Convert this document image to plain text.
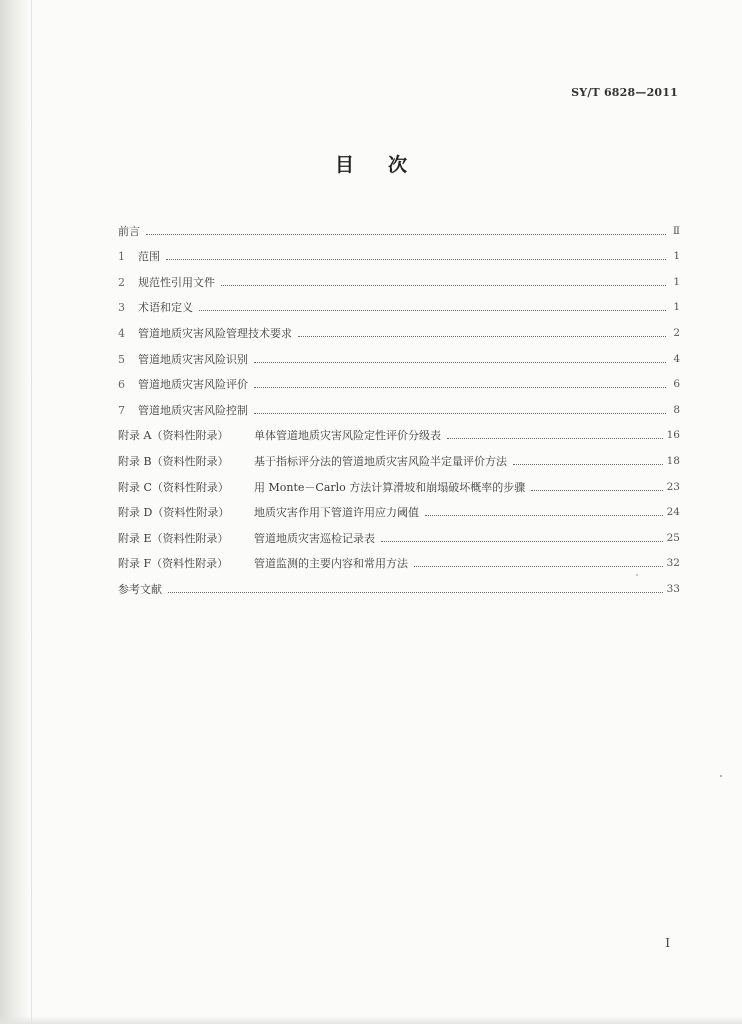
SY/T 6828—2011
目 次
前言	Ⅱ
1 范围	1
2 规范性引用文件	1
3 术语和定义	1
4 管道地质灾害风险管理技术要求	2
5 管道地质灾害风险识别	4
6 管道地质灾害风险评价	6
7 管道地质灾害风险控制	8
附录 A（资料性附录） 单体管道地质灾害风险定性评价分级表	16
附录 B（资料性附录） 基于指标评分法的管道地质灾害风险半定量评价方法	18
附录 C（资料性附录） 用 Monte－Carlo 方法计算滑坡和崩塌破坏概率的步骤	23
附录 D（资料性附录） 地质灾害作用下管道许用应力阈值	24
附录 E（资料性附录） 管道地质灾害巡检记录表	25
附录 F（资料性附录） 管道监测的主要内容和常用方法	32
参考文献	33
I
